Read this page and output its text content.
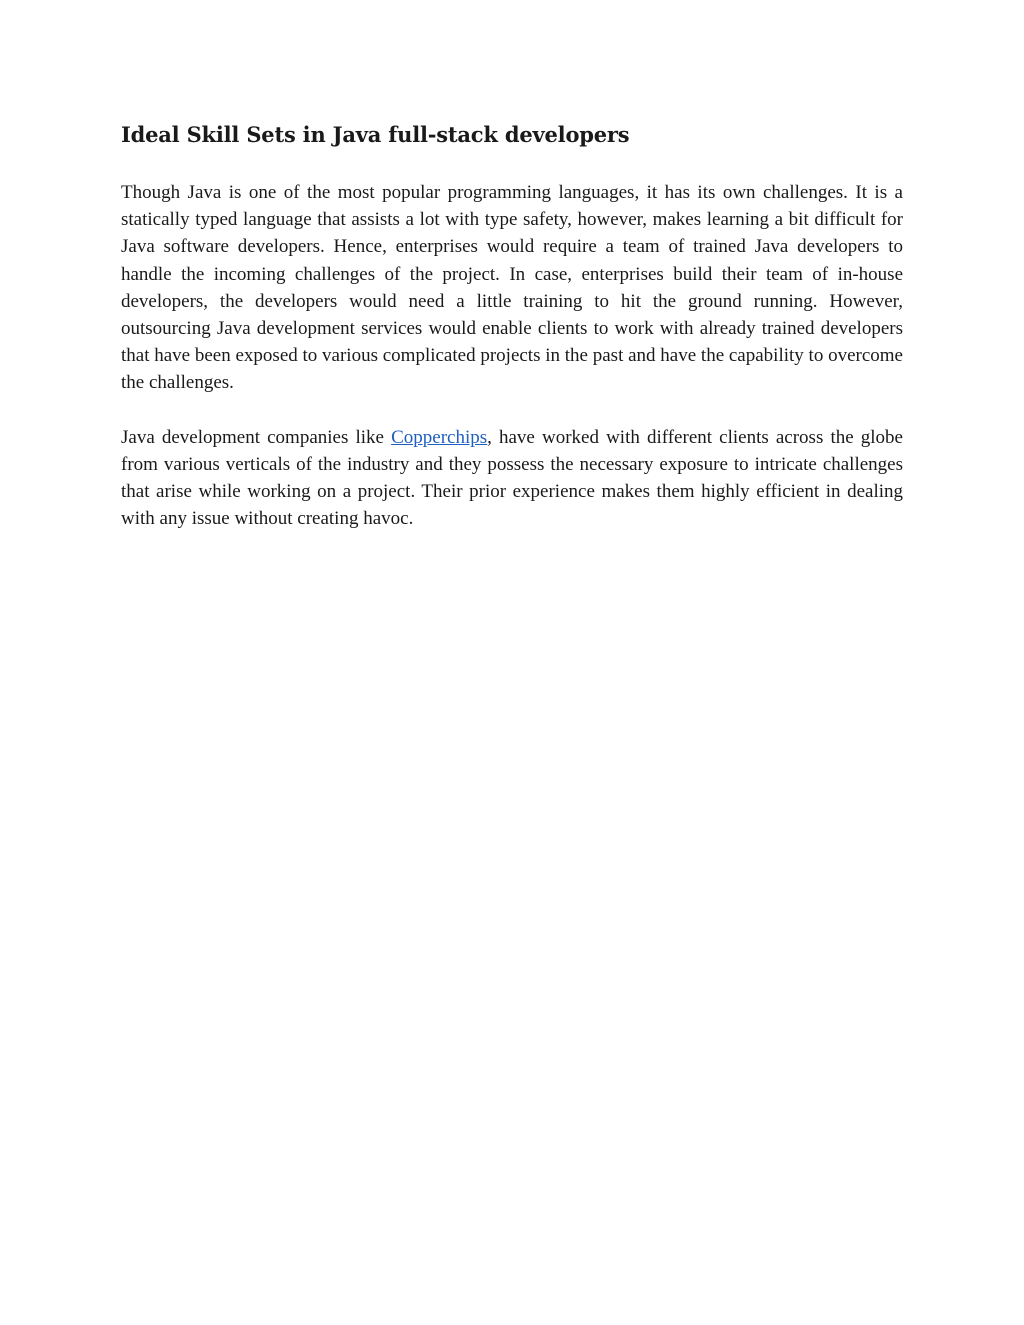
Ideal Skill Sets in Java full-stack developers

Though Java is one of the most popular programming languages, it has its own challenges. It is a statically typed language that assists a lot with type safety, however, makes learning a bit difficult for Java software developers. Hence, enterprises would require a team of trained Java developers to handle the incoming challenges of the project. In case, enterprises build their team of in-house developers, the developers would need a little training to hit the ground running. However, outsourcing Java development services would enable clients to work with already trained developers that have been exposed to various complicated projects in the past and have the capability to overcome the challenges.

Java development companies like Copperchips, have worked with different clients across the globe from various verticals of the industry and they possess the necessary exposure to intricate challenges that arise while working on a project. Their prior experience makes them highly efficient in dealing with any issue without creating havoc.
